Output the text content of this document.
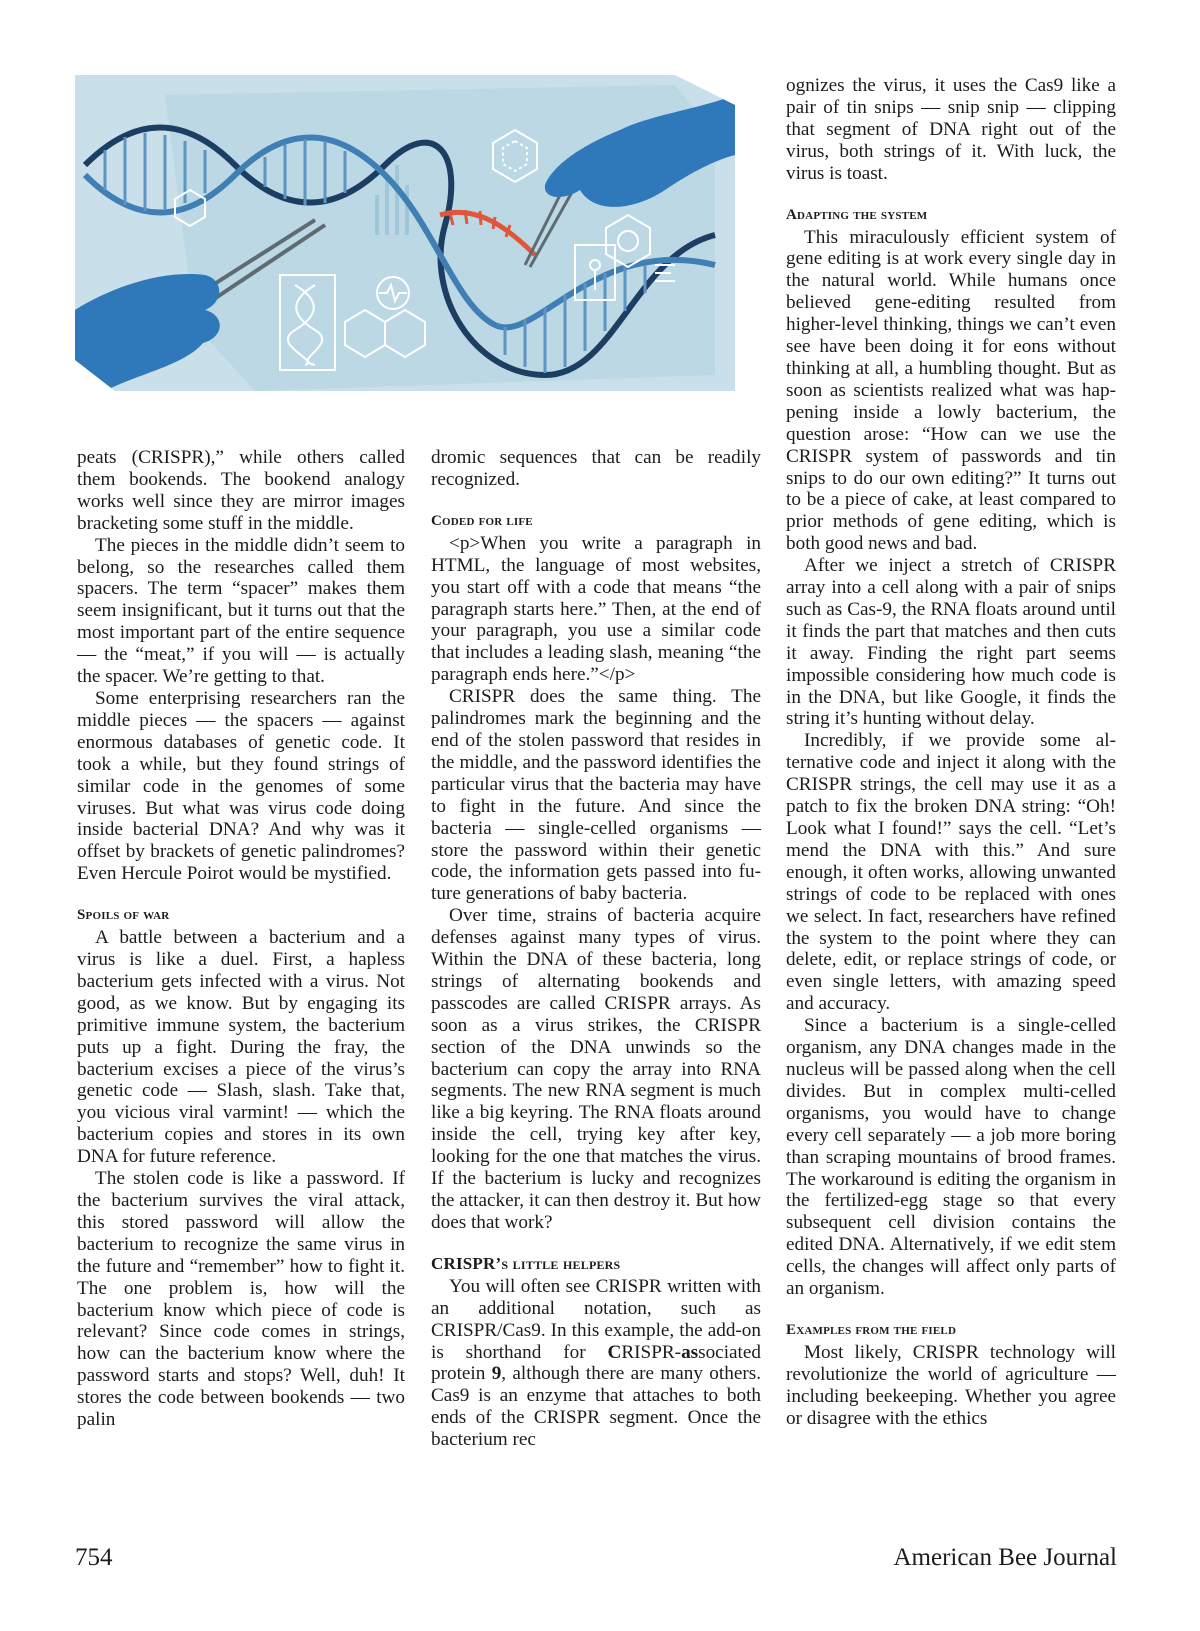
peats (CRISPR),” while others called them bookends. The bookend analogy works well since they are mirror images bracketing some stuff in the middle.

The pieces in the middle didn’t seem to belong, so the researches called them spacers. The term “spacer” makes them seem insignificant, but it turns out that the most important part of the entire sequence — the “meat,” if you will — is actually the spacer. We’re getting to that.

Some enterprising researchers ran the middle pieces — the spacers — against enormous databases of genetic code. It took a while, but they found strings of similar code in the genomes of some viruses. But what was virus code doing inside bacterial DNA? And why was it offset by brackets of genetic palindromes? Even Hercule Poirot would be mystified.

Spoils of war

A battle between a bacterium and a virus is like a duel. First, a hapless bacterium gets infected with a virus. Not good, as we know. But by engaging its primitive immune system, the bacterium puts up a fight. During the fray, the bacterium excises a piece of the virus’s genetic code — Slash, slash. Take that, you vicious viral varmint! — which the bacterium copies and stores in its own DNA for future reference.

The stolen code is like a password. If the bacterium survives the viral attack, this stored password will allow the bacterium to recognize the same virus in the future and “remember” how to fight it. The one problem is, how will the bacterium know which piece of code is relevant? Since code comes in strings, how can the bacterium know where the password starts and stops? Well, duh! It stores the code between bookends — two palin

dromic sequences that can be readily recognized.

Coded for life

<p>When you write a paragraph in HTML, the language of most websites, you start off with a code that means “the paragraph starts here.” Then, at the end of your paragraph, you use a similar code that includes a leading slash, meaning “the paragraph ends here.”</p>

CRISPR does the same thing. The palindromes mark the beginning and the end of the stolen password that resides in the middle, and the password identifies the particular virus that the bacteria may have to fight in the future. And since the bacteria — single-celled organisms — store the password within their genetic code, the information gets passed into future generations of baby bacteria.

Over time, strains of bacteria acquire defenses against many types of virus. Within the DNA of these bacteria, long strings of alternating bookends and passcodes are called CRISPR arrays. As soon as a virus strikes, the CRISPR section of the DNA unwinds so the bacterium can copy the array into RNA segments. The new RNA segment is much like a big keyring. The RNA floats around inside the cell, trying key after key, looking for the one that matches the virus. If the bacterium is lucky and recognizes the attacker, it can then destroy it. But how does that work?

CRISPR’s little helpers

You will often see CRISPR written with an additional notation, such as CRISPR/Cas9. In this example, the add-on is shorthand for CRISPR-associated protein 9, although there are many others. Cas9 is an enzyme that attaches to both ends of the CRISPR segment. Once the bacterium rec

ognizes the virus, it uses the Cas9 like a pair of tin snips — snip snip — clipping that segment of DNA right out of the virus, both strings of it. With luck, the virus is toast.

Adapting the system

This miraculously efficient system of gene editing is at work every single day in the natural world. While humans once believed gene-editing resulted from higher-level thinking, things we can’t even see have been doing it for eons without thinking at all, a humbling thought. But as soon as scientists realized what was happening inside a lowly bacterium, the question arose: “How can we use the CRISPR system of passwords and tin snips to do our own editing?” It turns out to be a piece of cake, at least compared to prior methods of gene editing, which is both good news and bad.

After we inject a stretch of CRISPR array into a cell along with a pair of snips such as Cas-9, the RNA floats around until it finds the part that matches and then cuts it away. Finding the right part seems impossible considering how much code is in the DNA, but like Google, it finds the string it’s hunting without delay.

Incredibly, if we provide some alternative code and inject it along with the CRISPR strings, the cell may use it as a patch to fix the broken DNA string: “Oh! Look what I found!” says the cell. “Let’s mend the DNA with this.” And sure enough, it often works, allowing unwanted strings of code to be replaced with ones we select. In fact, researchers have refined the system to the point where they can delete, edit, or replace strings of code, or even single letters, with amazing speed and accuracy.

Since a bacterium is a single-celled organism, any DNA changes made in the nucleus will be passed along when the cell divides. But in complex multi-celled organisms, you would have to change every cell separately — a job more boring than scraping mountains of brood frames. The workaround is editing the organism in the fertilized-egg stage so that every subsequent cell division contains the edited DNA. Alternatively, if we edit stem cells, the changes will affect only parts of an organism.

Examples from the field

Most likely, CRISPR technology will revolutionize the world of agriculture — including beekeeping. Whether you agree or disagree with the ethics

754	American Bee Journal
